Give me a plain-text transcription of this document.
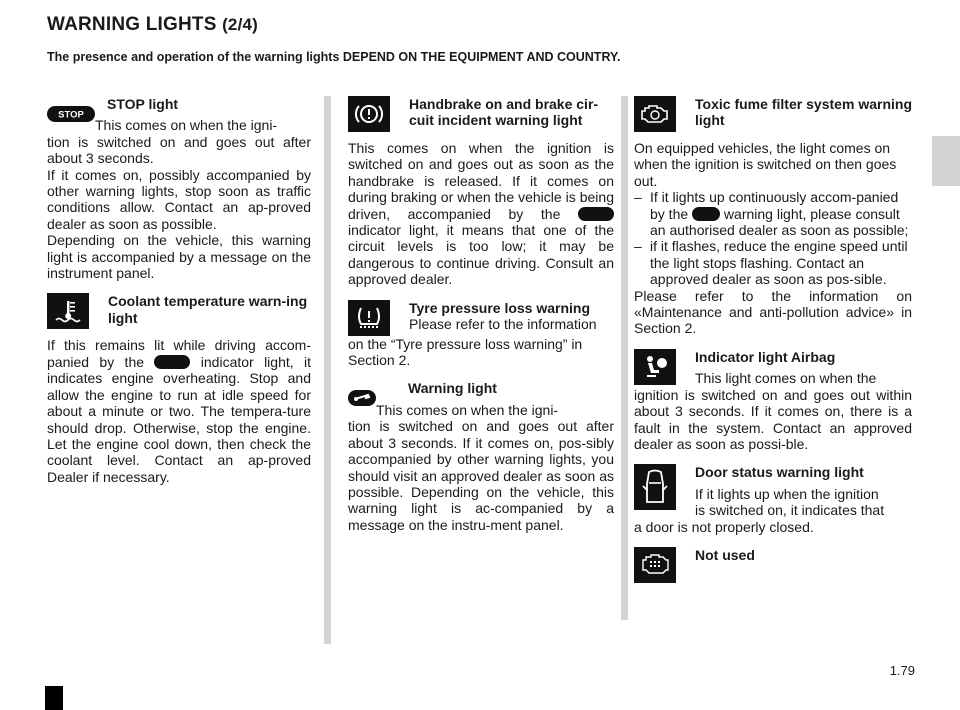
WARNING LIGHTS (2/4)
The presence and operation of the warning lights DEPEND ON THE EQUIPMENT AND COUNTRY.
STOP
STOP light
This comes on when the igni-

tion is switched on and goes out after about 3 seconds.

If it comes on, possibly accompanied by other warning lights, stop soon as traffic conditions allow. Contact an ap-proved dealer as soon as possible.

Depending on the vehicle, this warning light is accompanied by a message on the instrument panel.

Coolant temperature warn-ing light

If this remains lit while driving accom-panied by the	indicator light, it indicates engine overheating. Stop and allow the engine to run at idle speed for about a minute or two. The tempera-ture should drop. Otherwise, stop the engine. Let the engine cool down, then check the coolant level. Contact an ap-proved Dealer if necessary.

Handbrake on and brake cir-cuit incident warning light

This comes on when the ignition is switched on and goes out as soon as the handbrake is released. If it comes on during braking or when the vehicle is being driven, accompanied by the  indicator light, it means that one of the circuit levels is too low; it may be dangerous to continue driving. Consult an approved dealer.

Tyre pressure loss warning
Please refer to the information

on the “Tyre pressure loss warning” in Section 2.

Warning light
This comes on when the igni-

tion is switched on and goes out after about 3 seconds. If it comes on, pos-sibly accompanied by other warning lights, you should visit an approved dealer as soon as possible. Depending on the vehicle, this warning light is ac-companied by a message on the instru-ment panel.

Toxic fume filter system warning light

On equipped vehicles, the light comes on when the ignition is switched on then goes out.

– If it lights up continuously accom-panied by the	warning light, please consult an authorised dealer as soon as possible;
– if it flashes, reduce the engine speed until the light stops flashing. Contact an approved dealer as soon as pos-sible.

Please refer to the information on «Maintenance and anti-pollution advice» in Section 2.

Indicator light Airbag
This light comes on when the

ignition is switched on and goes out within about 3 seconds. If it comes on, there is a fault in the system. Contact an approved dealer as soon as possi-ble.

Door status warning light
If it lights up when the ignition
is switched on, it indicates that

a door is not properly closed.

Not used
1.79
